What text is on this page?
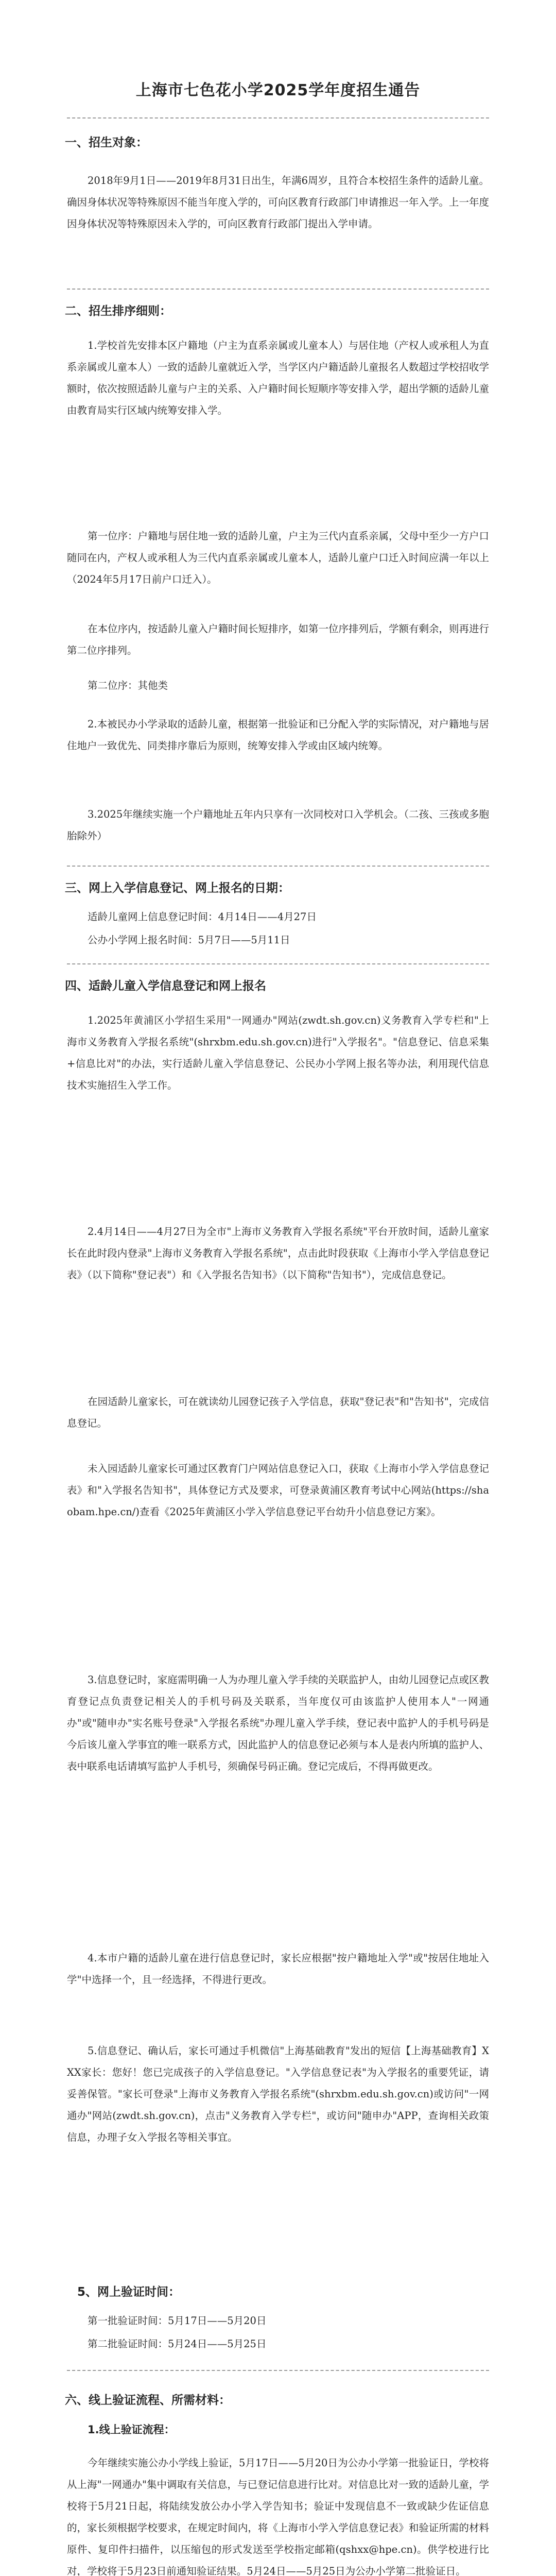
上海市七色花小学2025学年度招生通告
一、招生对象：
2018年9月1日——2019年8月31日出生，年满6周岁，且符合本校招生条件的适龄儿童。确因身体状况等特殊原因不能当年度入学的，可向区教育行政部门申请推迟一年入学。上一年度因身体状况等特殊原因未入学的，可向区教育行政部门提出入学申请。
二、招生排序细则：
1.学校首先安排本区户籍地（户主为直系亲属或儿童本人）与居住地（产权人或承租人为直系亲属或儿童本人）一致的适龄儿童就近入学，当学区内户籍适龄儿童报名人数超过学校招收学额时，依次按照适龄儿童与户主的关系、入户籍时间长短顺序等安排入学，超出学额的适龄儿童由教育局实行区域内统筹安排入学。
第一位序：户籍地与居住地一致的适龄儿童，户主为三代内直系亲属，父母中至少一方户口随同在内，产权人或承租人为三代内直系亲属或儿童本人，适龄儿童户口迁入时间应满一年以上（2024年5月17日前户口迁入）。
在本位序内，按适龄儿童入户籍时间长短排序，如第一位序排列后，学额有剩余，则再进行第二位序排列。
第二位序：其他类
2.本被民办小学录取的适龄儿童，根据第一批验证和已分配入学的实际情况，对户籍地与居住地户一致优先、同类排序靠后为原则，统筹安排入学或由区域内统筹。
3.2025年继续实施一个户籍地址五年内只享有一次同校对口入学机会。（二孩、三孩或多胞胎除外）
三、网上入学信息登记、网上报名的日期：
适龄儿童网上信息登记时间：4月14日——4月27日
公办小学网上报名时间：5月7日——5月11日
四、适龄儿童入学信息登记和网上报名
1.2025年黄浦区小学招生采用"一网通办"网站(zwdt.sh.gov.cn)义务教育入学专栏和"上海市义务教育入学报名系统"(shrxbm.edu.sh.gov.cn)进行"入学报名"。"信息登记、信息采集+信息比对"的办法，实行适龄儿童入学信息登记、公民办小学网上报名等办法，利用现代信息技术实施招生入学工作。
2.4月14日——4月27日为全市"上海市义务教育入学报名系统"平台开放时间，适龄儿童家长在此时段内登录"上海市义务教育入学报名系统"，点击此时段获取《上海市小学入学信息登记表》（以下简称"登记表"）和《入学报名告知书》（以下简称"告知书"），完成信息登记。
在园适龄儿童家长，可在就读幼儿园登记孩子入学信息，获取"登记表"和"告知书"，完成信息登记。
未入园适龄儿童家长可通过区教育门户网站信息登记入口，获取《上海市小学入学信息登记表》和"入学报名告知书"，具体登记方式及要求，可登录黄浦区教育考试中心网站(https://shaobam.hpe.cn/)查看《2025年黄浦区小学入学信息登记平台幼升小信息登记方案》。
3.信息登记时，家庭需明确一人为办理儿童入学手续的关联监护人，由幼儿园登记点或区教育登记点负责登记相关人的手机号码及关联系，当年度仅可由该监护人使用本人"一网通办"或"随申办"实名账号登录"入学报名系统"办理儿童入学手续，登记表中监护人的手机号码是今后该儿童入学事宜的唯一联系方式，因此监护人的信息登记必须与本人是表内所填的监护人、表中联系电话请填写监护人手机号，须确保号码正确。登记完成后，不得再做更改。
4.本市户籍的适龄儿童在进行信息登记时，家长应根据"按户籍地址入学"或"按居住地址入学"中选择一个，且一经选择，不得进行更改。
5.信息登记、确认后，家长可通过手机微信"上海基础教育"发出的短信【上海基础教育】XXX家长：您好！您已完成孩子的入学信息登记。"入学信息登记表"为入学报名的重要凭证，请妥善保管。"家长可登录"上海市义务教育入学报名系统"(shrxbm.edu.sh.gov.cn)或访问"一网通办"网站(zwdt.sh.gov.cn)，点击"义务教育入学专栏"，或访问"随申办"APP，查询相关政策信息，办理子女入学报名等相关事宜。
5、网上验证时间：
第一批验证时间：5月17日——5月20日
第二批验证时间：5月24日——5月25日
六、线上验证流程、所需材料：
1.线上验证流程：
今年继续实施公办小学线上验证，5月17日——5月20日为公办小学第一批验证日，学校将从上海"一网通办"集中调取有关信息，与已登记信息进行比对。对信息比对一致的适龄儿童，学校将于5月21日起，将陆续发放公办小学入学告知书；验证中发现信息不一致或缺少佐证信息的，家长须根据学校要求，在规定时间内，将《上海市小学入学信息登记表》和验证所需的材料原件、复印件扫描件，以压缩包的形式发送至学校指定邮箱(qshxx@hpe.cn)。供学校进行比对，学校将于5月23日前通知验证结果。5月24日——5月25日为公办小学第二批验证日。
